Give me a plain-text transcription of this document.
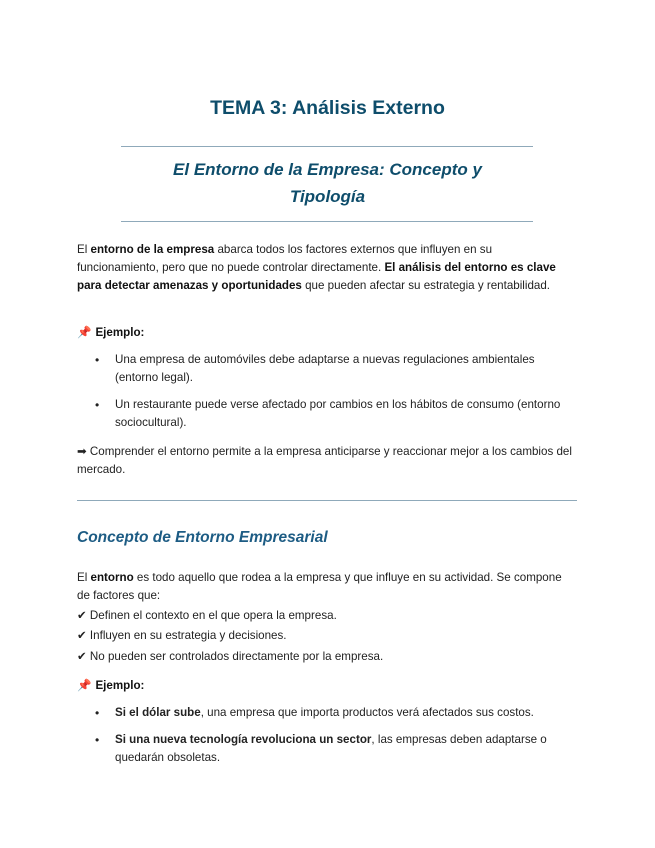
TEMA 3: Análisis Externo
El Entorno de la Empresa: Concepto y
Tipología

El entorno de la empresa abarca todos los factores externos que influyen en su funcionamiento, pero que no puede controlar directamente. El análisis del entorno es clave para detectar amenazas y oportunidades que pueden afectar su estrategia y rentabilidad.

📌 Ejemplo:

• Una empresa de automóviles debe adaptarse a nuevas regulaciones ambientales (entorno legal).

• Un restaurante puede verse afectado por cambios en los hábitos de consumo (entorno sociocultural).

➡ Comprender el entorno permite a la empresa anticiparse y reaccionar mejor a los cambios del mercado.

Concepto de Entorno Empresarial

El entorno es todo aquello que rodea a la empresa y que influye en su actividad. Se compone de factores que:

✔ Definen el contexto en el que opera la empresa.

✔ Influyen en su estrategia y decisiones.

✔ No pueden ser controlados directamente por la empresa.

📌 Ejemplo:

• Si el dólar sube, una empresa que importa productos verá afectados sus costos.

• Si una nueva tecnología revoluciona un sector, las empresas deben adaptarse o quedarán obsoletas.
